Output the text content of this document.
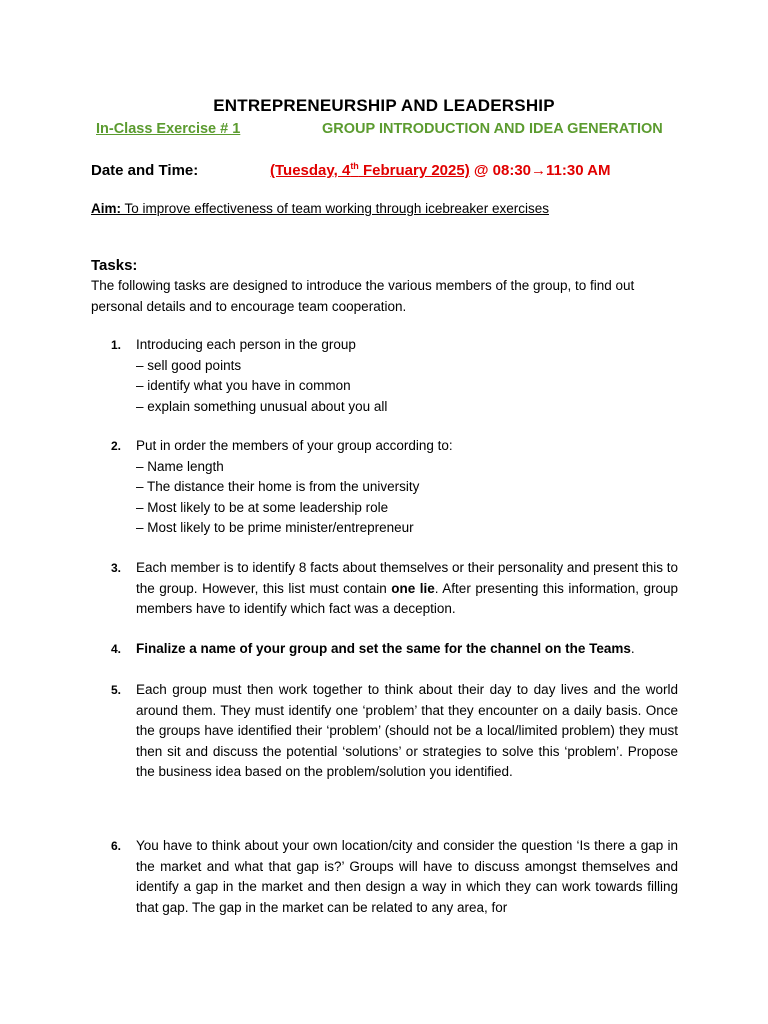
ENTREPRENEURSHIP AND LEADERSHIP
In-Class Exercise # 1	GROUP INTRODUCTION AND IDEA GENERATION
Date and Time:	(Tuesday, 4th February 2025) @ 08:30→11:30 AM
Aim: To improve effectiveness of team working through icebreaker exercises
Tasks:
The following tasks are designed to introduce the various members of the group, to find out personal details and to encourage team cooperation.
1. Introducing each person in the group
– sell good points
– identify what you have in common
– explain something unusual about you all
2. Put in order the members of your group according to:
– Name length
– The distance their home is from the university
– Most likely to be at some leadership role
– Most likely to be prime minister/entrepreneur
3. Each member is to identify 8 facts about themselves or their personality and present this to the group. However, this list must contain one lie. After presenting this information, group members have to identify which fact was a deception.
4. Finalize a name of your group and set the same for the channel on the Teams.
5. Each group must then work together to think about their day to day lives and the world around them. They must identify one ‘problem’ that they encounter on a daily basis. Once the groups have identified their ‘problem’ (should not be a local/limited problem) they must then sit and discuss the potential ‘solutions’ or strategies to solve this ‘problem’. Propose the business idea based on the problem/solution you identified.
6. You have to think about your own location/city and consider the question ‘Is there a gap in the market and what that gap is?’ Groups will have to discuss amongst themselves and identify a gap in the market and then design a way in which they can work towards filling that gap. The gap in the market can be related to any area, for
